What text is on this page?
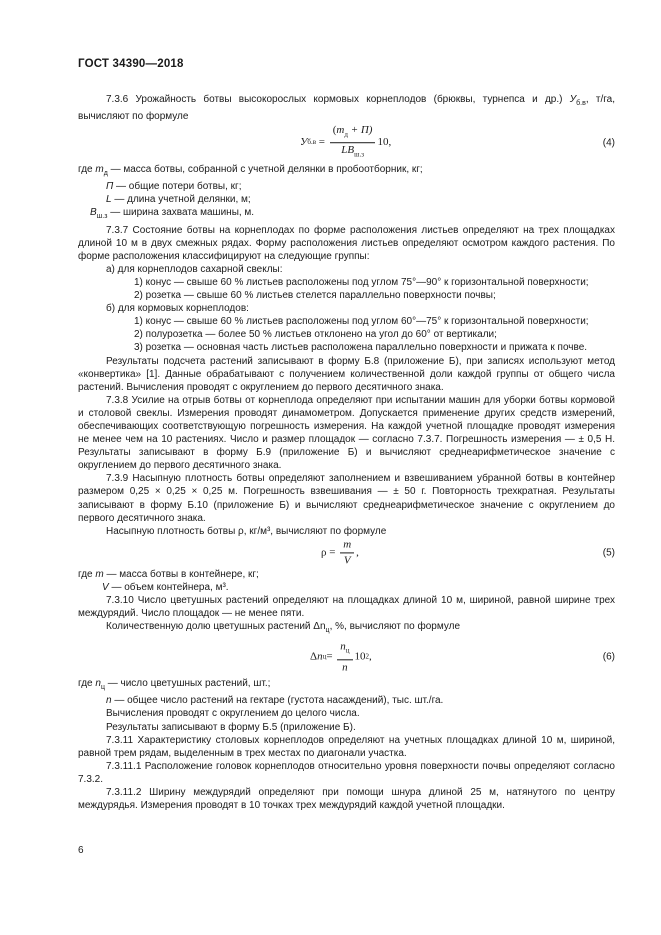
ГОСТ 34390—2018

7.3.6 Урожайность ботвы высокорослых кормовых корнеплодов (брюквы, турнепса и др.) $У_{б.в}$, т/га, вычисляют по формуле

У $б.в = \frac{(m_д + П)}{LB_{ш.з}} 10$,	(4)

где $m_д$ — масса ботвы, собранной с учетной делянки в пробоотборник, кг;

П — общие потери ботвы, кг;

L — длина учетной делянки, м;

$B_{ш.з}$ — ширина захвата машины, м.

7.3.7 Состояние ботвы на корнеплодах по форме расположения листьев определяют на трех площадках длиной 10 м в двух смежных рядах. Форму расположения листьев определяют осмотром каждого растения. По форме расположения классифицируют на следующие группы:

а) для корнеплодов сахарной свеклы:

1) конус — свыше 60 % листьев расположены под углом 75°—90° к горизонтальной поверхности;

2) розетка — свыше 60 % листьев стелется параллельно поверхности почвы;

б) для кормовых корнеплодов:

1) конус — свыше 60 % листьев расположены под углом 60°—75° к горизонтальной поверхности;

2) полурозетка — более 50 % листьев отклонено на угол до 60° от вертикали;

3) розетка — основная часть листьев расположена параллельно поверхности и прижата к почве.

Результаты подсчета растений записывают в форму Б.8 (приложение Б), при записях используют метод «конвертика» [1]. Данные обрабатывают с получением количественной доли каждой группы от общего числа растений. Вычисления проводят с округлением до первого десятичного знака.

7.3.8 Усилие на отрыв ботвы от корнеплода определяют при испытании машин для уборки ботвы кормовой и столовой свеклы. Измерения проводят динамометром. Допускается применение других средств измерений, обеспечивающих соответствующую погрешность измерения. На каждой учетной площадке проводят измерения не менее чем на 10 растениях. Число и размер площадок — согласно 7.3.7. Погрешность измерения — ± 0,5 Н. Результаты записывают в форму Б.9 (приложение Б) и вычисляют среднеарифметическое значение с округлением до первого десятичного знака.

7.3.9 Насыпную плотность ботвы определяют заполнением и взвешиванием убранной ботвы в контейнер размером 0,25 × 0,25 × 0,25 м. Погрешность взвешивания — ± 50 г. Повторность трехкратная. Результаты записывают в форму Б.10 (приложение Б) и вычисляют среднеарифметическое значение с округлением до первого десятичного знака.

Насыпную плотность ботвы ρ, кг/м³, вычисляют по формуле

ρ =
$\frac{m}{V}$ ,	(5)

где m — масса ботвы в контейнере, кг;

V — объем контейнера, м³.

7.3.10 Число цветушных растений определяют на площадках длиной 10 м, шириной, равной ширине трех междурядий. Число площадок — не менее пяти.

Количественную долю цветушных растений $\Delta n_ц$, %, вычисляют по формуле

Δ n ц =
$\frac{n_ц}{n} 10$ 2 ,	(6)

где $n_ц$ — число цветушных растений, шт.;

n — общее число растений на гектаре (густота насаждений), тыс. шт./га.

Вычисления проводят с округлением до целого числа.

Результаты записывают в форму Б.5 (приложение Б).

7.3.11 Характеристику столовых корнеплодов определяют на учетных площадках длиной 10 м, шириной, равной трем рядам, выделенным в трех местах по диагонали участка.

7.3.11.1 Расположение головок корнеплодов относительно уровня поверхности почвы определяют согласно 7.3.2.

7.3.11.2 Ширину междурядий определяют при помощи шнура длиной 25 м, натянутого по центру междурядья. Измерения проводят в 10 точках трех междурядий каждой учетной площадки.

6
